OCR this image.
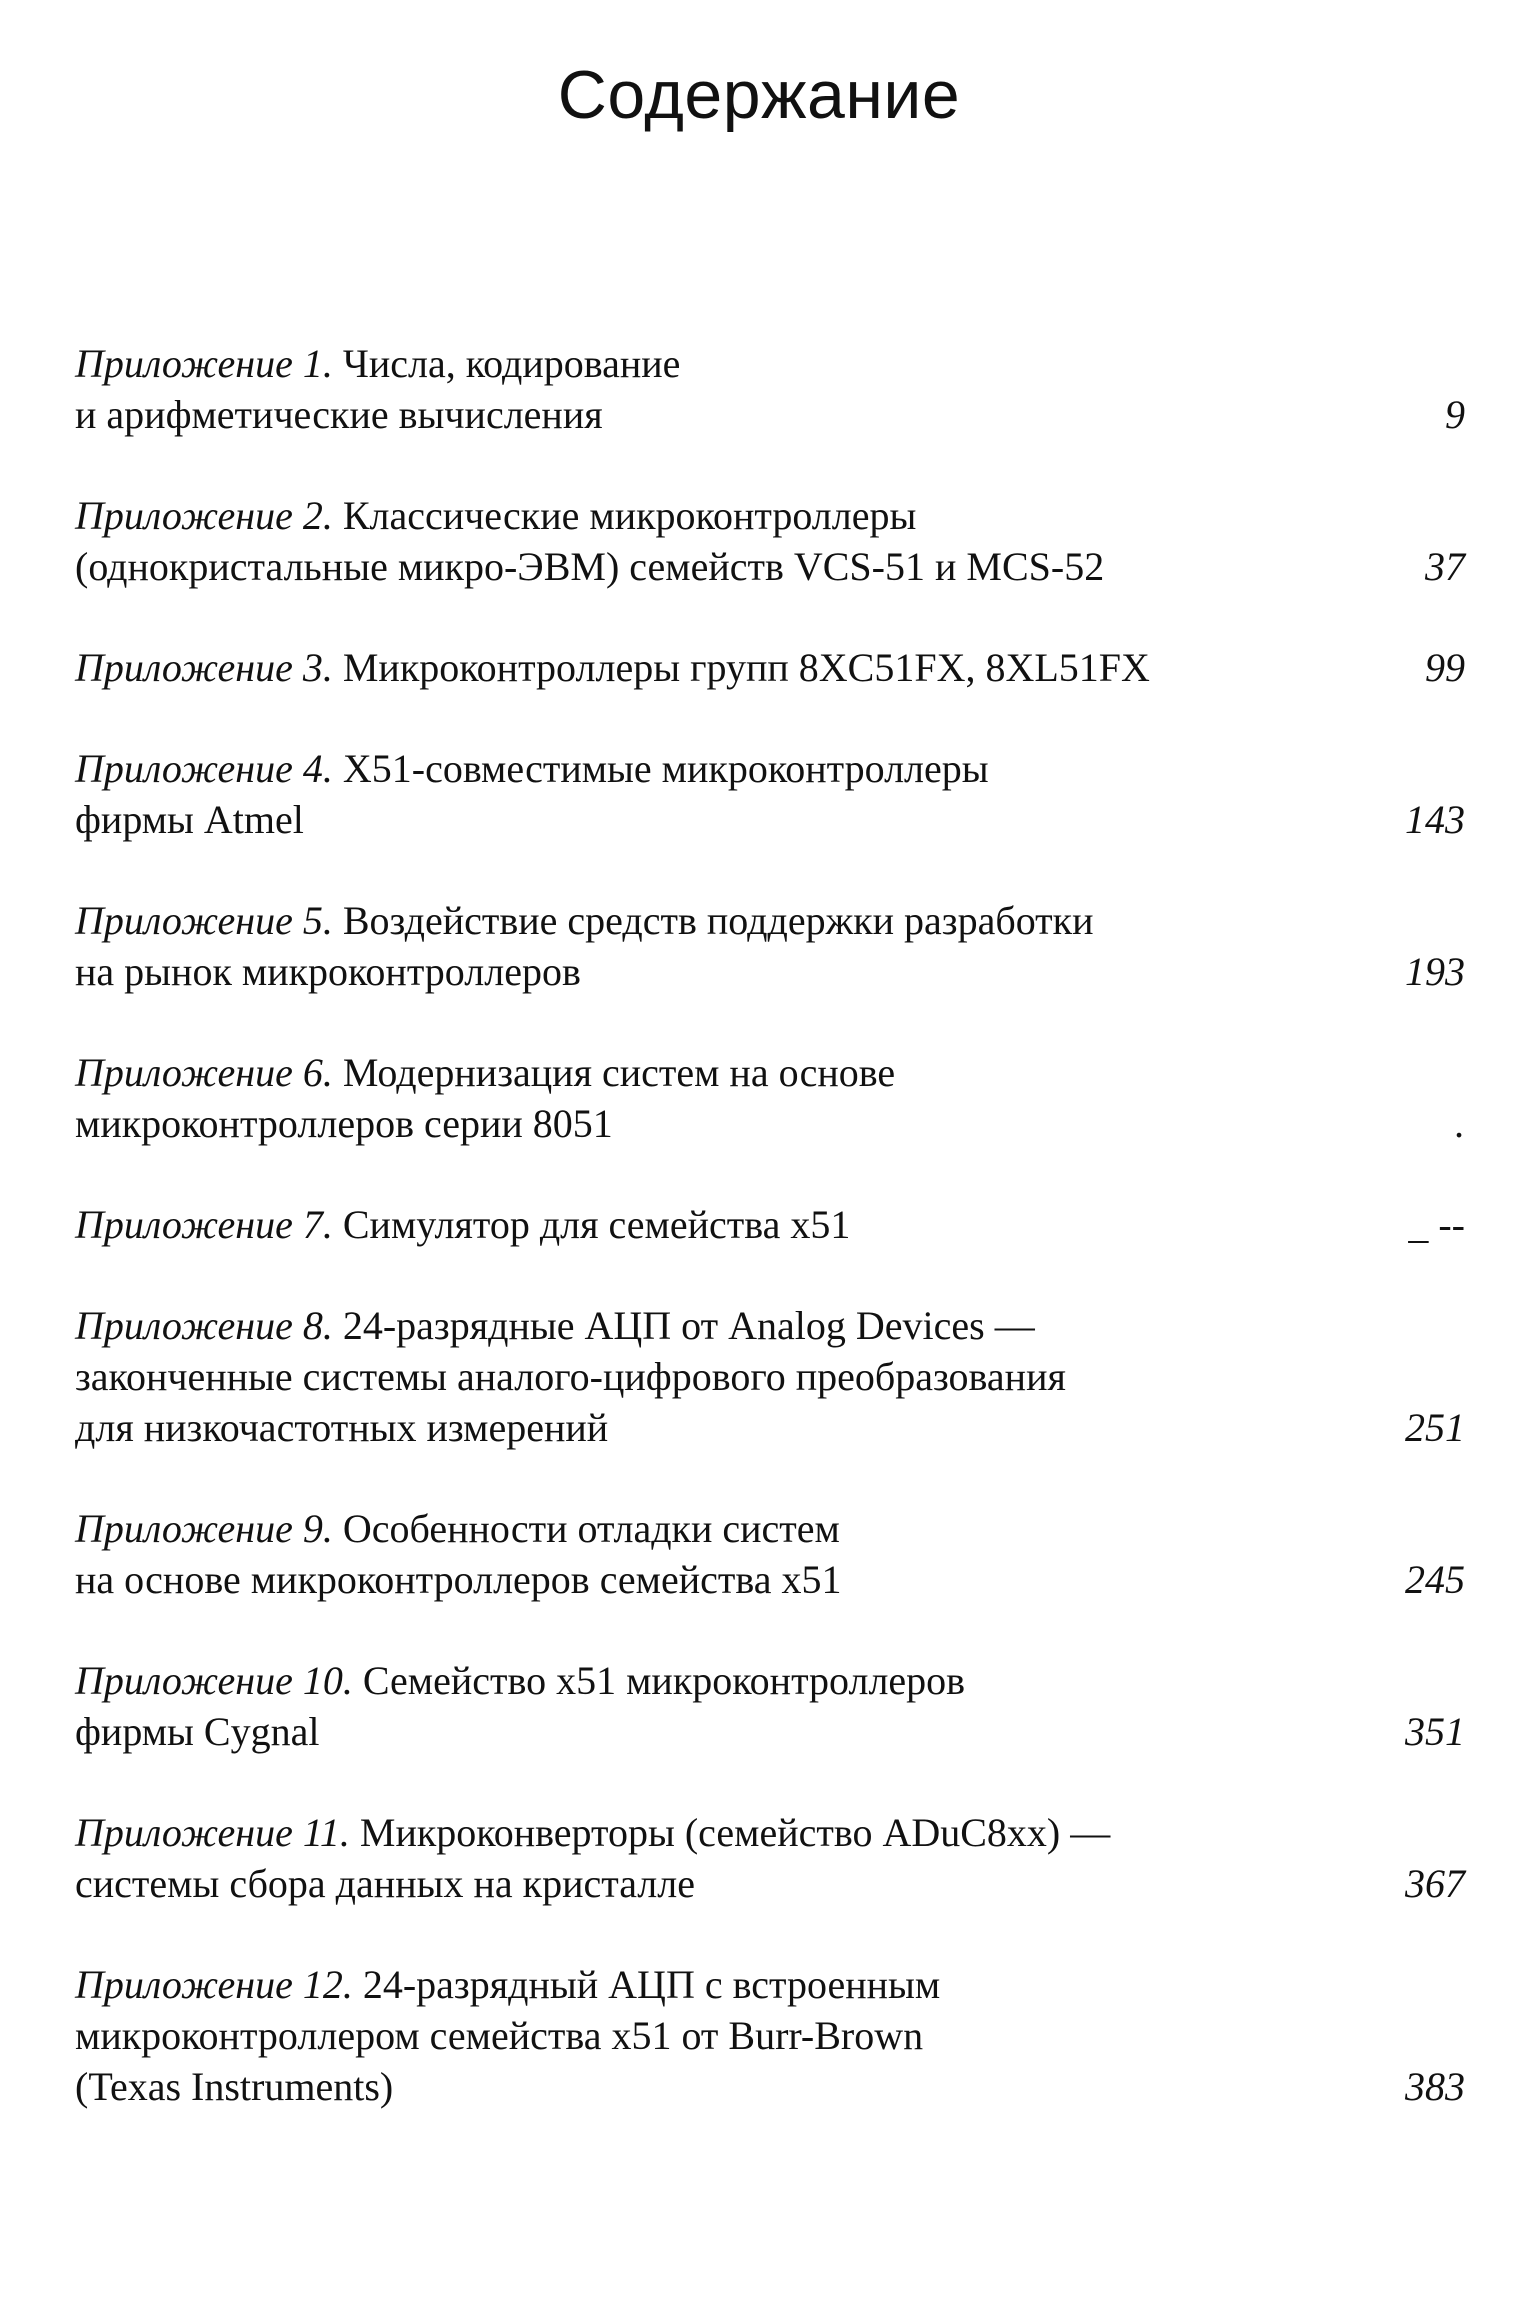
Содержание
Приложение 1. Числа, кодирование
и арифметические вычисления	9
Приложение 2. Классические микроконтроллеры
(однокристальные микро-ЭВМ) семейств VCS-51 и MCS-52	37
Приложение 3. Микроконтроллеры групп 8XC51FX, 8XL51FX	99
Приложение 4. X51-совместимые микроконтроллеры
фирмы Atmel	143
Приложение 5. Воздействие средств поддержки разработки
на рынок микроконтроллеров	193
Приложение 6. Модернизация систем на основе
микроконтроллеров серии 8051	.
Приложение 7. Симулятор для семейства x51	_ --
Приложение 8. 24-разрядные АЦП от Analog Devices —
законченные системы аналого-цифрового преобразования
для низкочастотных измерений	251
Приложение 9. Особенности отладки систем
на основе микроконтроллеров семейства x51	245
Приложение 10. Семейство x51 микроконтроллеров
фирмы Cygnal	351
Приложение 11. Микроконверторы (семейство ADuC8xx) —
системы сбора данных на кристалле	367
Приложение 12. 24-разрядный АЦП с встроенным
микроконтроллером семейства x51 от Burr-Brown
(Texas Instruments)	383
